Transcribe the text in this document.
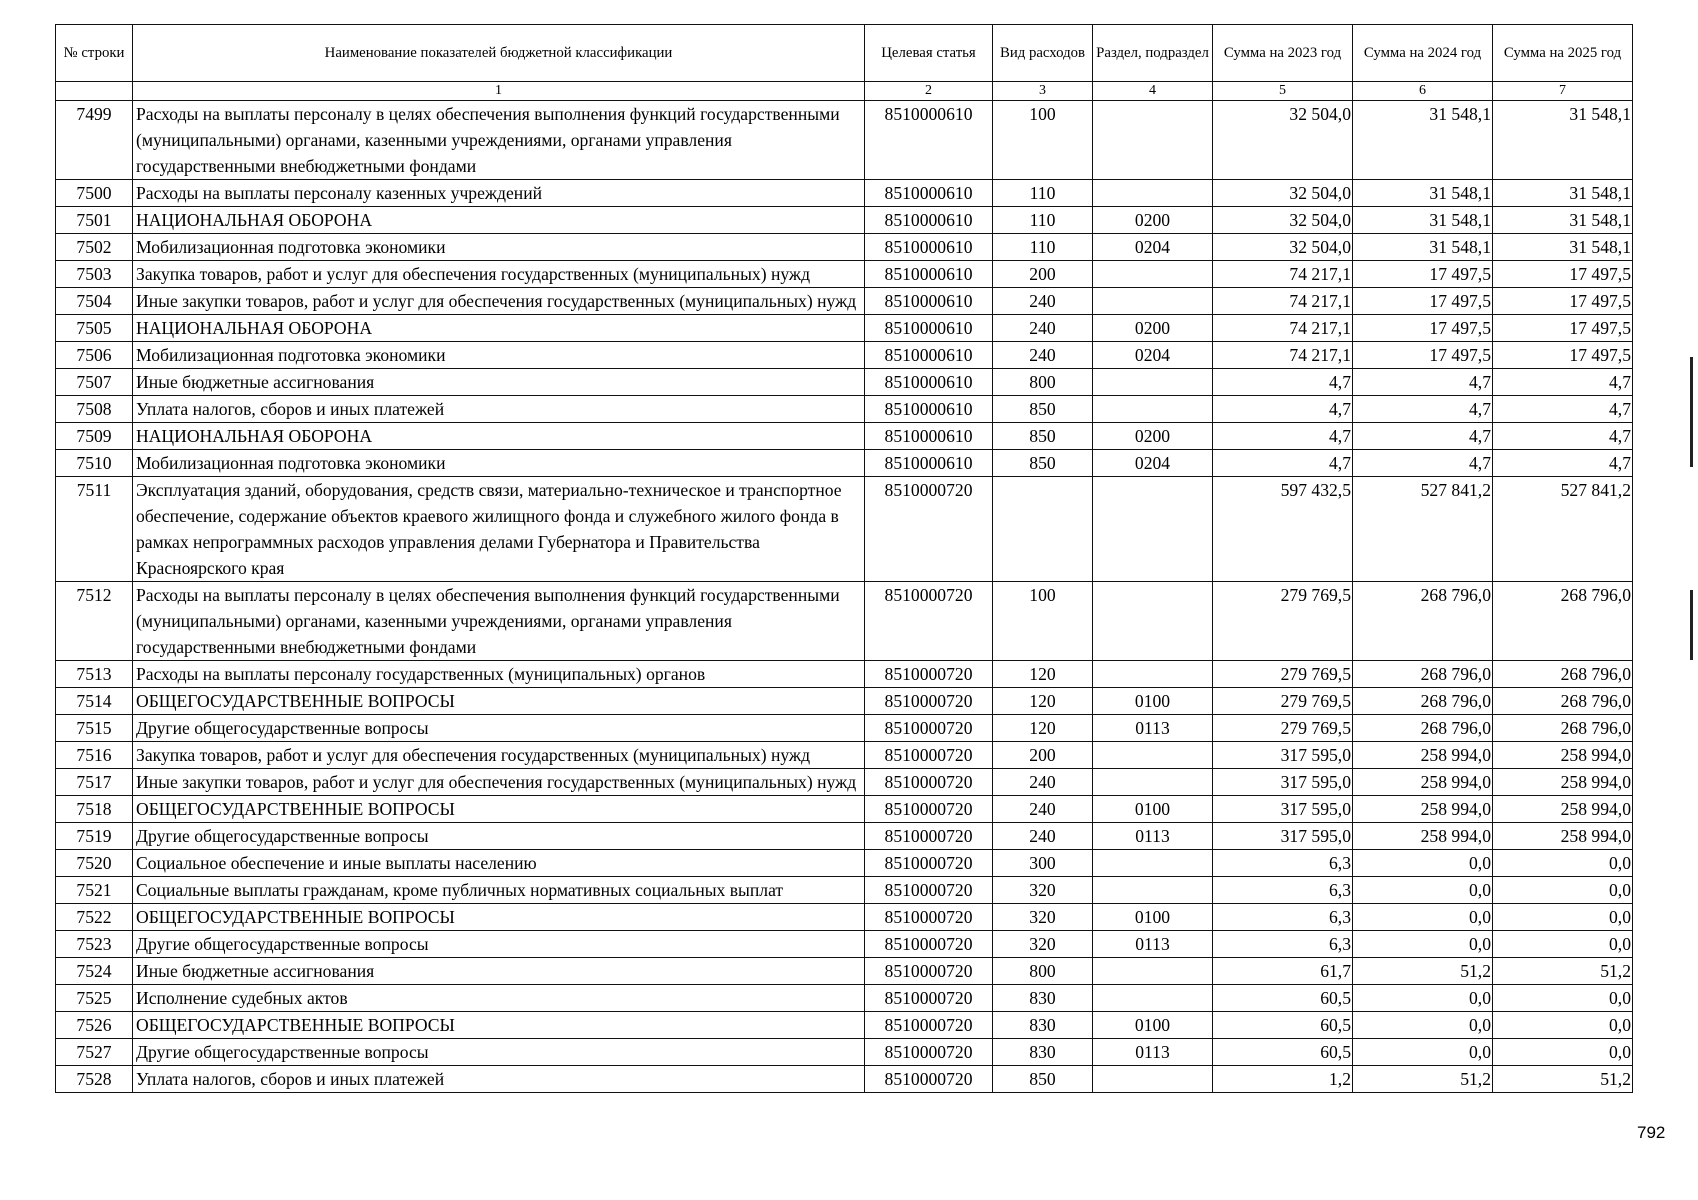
№ строки	Наименование показателей бюджетной классификации	Целевая статья	Вид расходов	Раздел, подраздел	Сумма на 2023 год	Сумма на 2024 год	Сумма на 2025 год
	1	2	3	4	5	6	7
7499	Расходы на выплаты персоналу в целях обеспечения выполнения функций государственными (муниципальными) органами, казенными учреждениями, органами управления государственными внебюджетными фондами	8510000610	100		32 504,0	31 548,1	31 548,1
7500	Расходы на выплаты персоналу казенных учреждений	8510000610	110		32 504,0	31 548,1	31 548,1
7501	НАЦИОНАЛЬНАЯ ОБОРОНА	8510000610	110	0200	32 504,0	31 548,1	31 548,1
7502	Мобилизационная подготовка экономики	8510000610	110	0204	32 504,0	31 548,1	31 548,1
7503	Закупка товаров, работ и услуг для обеспечения государственных (муниципальных) нужд	8510000610	200		74 217,1	17 497,5	17 497,5
7504	Иные закупки товаров, работ и услуг для обеспечения государственных (муниципальных) нужд	8510000610	240		74 217,1	17 497,5	17 497,5
7505	НАЦИОНАЛЬНАЯ ОБОРОНА	8510000610	240	0200	74 217,1	17 497,5	17 497,5
7506	Мобилизационная подготовка экономики	8510000610	240	0204	74 217,1	17 497,5	17 497,5
7507	Иные бюджетные ассигнования	8510000610	800		4,7	4,7	4,7
7508	Уплата налогов, сборов и иных платежей	8510000610	850		4,7	4,7	4,7
7509	НАЦИОНАЛЬНАЯ ОБОРОНА	8510000610	850	0200	4,7	4,7	4,7
7510	Мобилизационная подготовка экономики	8510000610	850	0204	4,7	4,7	4,7
7511	Эксплуатация зданий, оборудования, средств связи, материально-техническое и транспортное обеспечение, содержание объектов краевого жилищного фонда и служебного жилого фонда в рамках непрограммных расходов управления делами Губернатора и Правительства Красноярского края	8510000720			597 432,5	527 841,2	527 841,2
7512	Расходы на выплаты персоналу в целях обеспечения выполнения функций государственными (муниципальными) органами, казенными учреждениями, органами управления государственными внебюджетными фондами	8510000720	100		279 769,5	268 796,0	268 796,0
7513	Расходы на выплаты персоналу государственных (муниципальных) органов	8510000720	120		279 769,5	268 796,0	268 796,0
7514	ОБЩЕГОСУДАРСТВЕННЫЕ ВОПРОСЫ	8510000720	120	0100	279 769,5	268 796,0	268 796,0
7515	Другие общегосударственные вопросы	8510000720	120	0113	279 769,5	268 796,0	268 796,0
7516	Закупка товаров, работ и услуг для обеспечения государственных (муниципальных) нужд	8510000720	200		317 595,0	258 994,0	258 994,0
7517	Иные закупки товаров, работ и услуг для обеспечения государственных (муниципальных) нужд	8510000720	240		317 595,0	258 994,0	258 994,0
7518	ОБЩЕГОСУДАРСТВЕННЫЕ ВОПРОСЫ	8510000720	240	0100	317 595,0	258 994,0	258 994,0
7519	Другие общегосударственные вопросы	8510000720	240	0113	317 595,0	258 994,0	258 994,0
7520	Социальное обеспечение и иные выплаты населению	8510000720	300		6,3	0,0	0,0
7521	Социальные выплаты гражданам, кроме публичных нормативных социальных выплат	8510000720	320		6,3	0,0	0,0
7522	ОБЩЕГОСУДАРСТВЕННЫЕ ВОПРОСЫ	8510000720	320	0100	6,3	0,0	0,0
7523	Другие общегосударственные вопросы	8510000720	320	0113	6,3	0,0	0,0
7524	Иные бюджетные ассигнования	8510000720	800		61,7	51,2	51,2
7525	Исполнение судебных актов	8510000720	830		60,5	0,0	0,0
7526	ОБЩЕГОСУДАРСТВЕННЫЕ ВОПРОСЫ	8510000720	830	0100	60,5	0,0	0,0
7527	Другие общегосударственные вопросы	8510000720	830	0113	60,5	0,0	0,0
7528	Уплата налогов, сборов и иных платежей	8510000720	850		1,2	51,2	51,2
792
